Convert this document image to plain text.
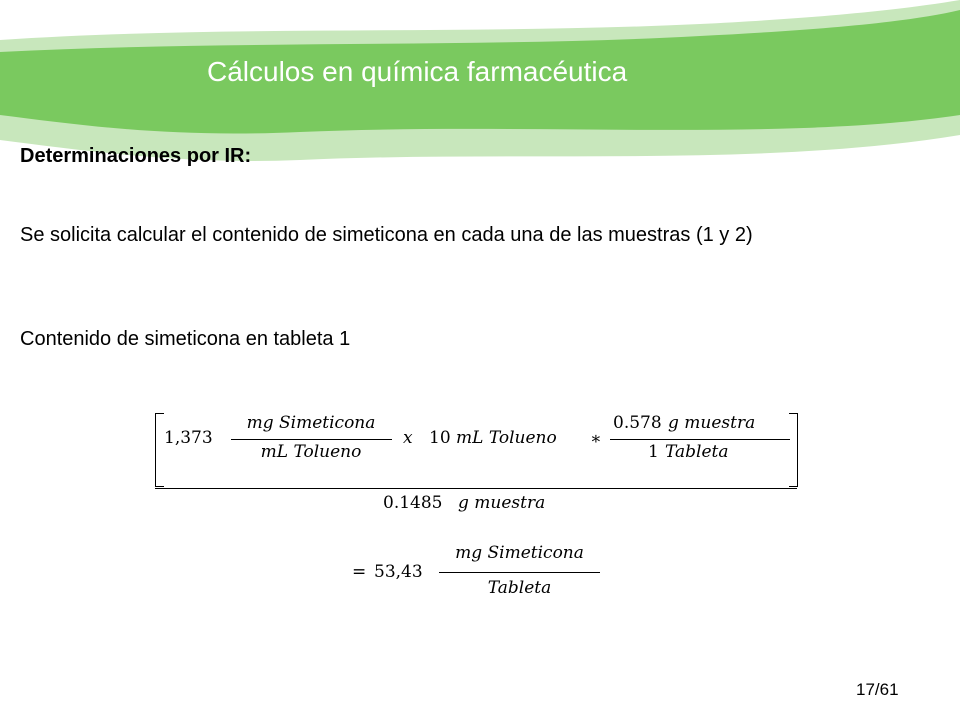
Cálculos en química farmacéutica
Determinaciones por IR:
Se solicita calcular el contenido de simeticona en cada una de las muestras (1 y 2)
Contenido de simeticona en tableta 1
1,373
mg Simeticona
mL Tolueno
x 10 mL Tolueno ∗
0.578 g muestra
1 Tableta
0.1485 g muestra
= 53,43
mg Simeticona
Tableta
17/61
